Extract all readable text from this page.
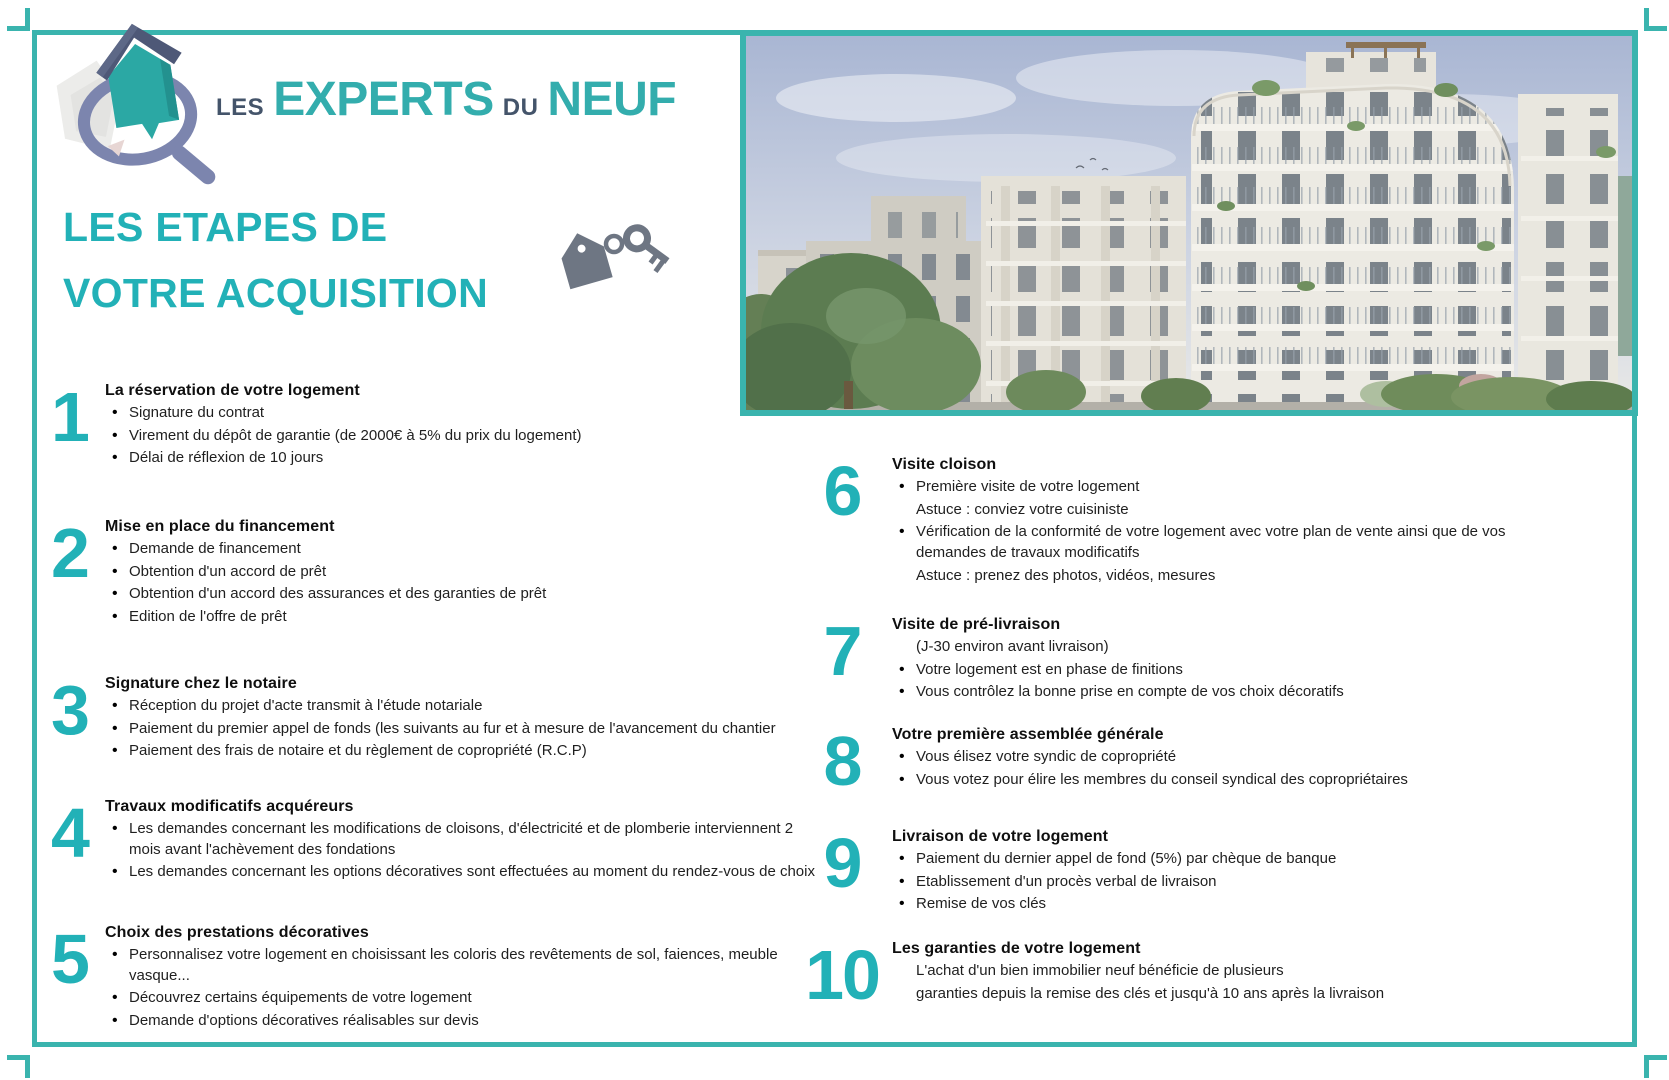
LES EXPERTS DU NEUF
LES ETAPES DE
VOTRE ACQUISITION
1	La réservation de votre logement
• Signature du contrat
• Virement du dépôt de garantie (de 2000€ à 5% du prix du logement)
• Délai de réflexion de 10 jours
2	Mise en place du financement
• Demande de financement
• Obtention d'un accord de prêt
• Obtention d'un accord des assurances et des garanties de prêt
• Edition de l'offre de prêt
3	Signature chez le notaire
• Réception du projet d'acte transmit à l'étude notariale
• Paiement du premier appel de fonds (les suivants au fur et à mesure de l'avancement du chantier
• Paiement des frais de notaire et du règlement de copropriété (R.C.P)
4	Travaux modificatifs acquéreurs
• Les demandes concernant les modifications de cloisons, d'électricité et de plomberie interviennent 2 mois avant l'achèvement des fondations
• Les demandes concernant les options décoratives sont effectuées au moment du rendez-vous de choix
5	Choix des prestations décoratives
• Personnalisez votre logement en choisissant les coloris des revêtements de sol, faiences, meuble vasque...
• Découvrez certains équipements de votre logement
• Demande d'options décoratives réalisables sur devis
6	Visite cloison
• Première visite de votre logement
Astuce : conviez votre cuisiniste
• Vérification de la conformité de votre logement avec votre plan de vente ainsi que de vos demandes de travaux modificatifs
Astuce : prenez des photos, vidéos, mesures
7	Visite de pré-livraison
(J-30 environ avant livraison)
• Votre logement est en phase de finitions
• Vous contrôlez la bonne prise en compte de vos choix décoratifs
8	Votre première assemblée générale
• Vous élisez votre syndic de copropriété
• Vous votez pour élire les membres du conseil syndical des copropriétaires
9	Livraison de votre logement
• Paiement du dernier appel de fond (5%) par chèque de banque
• Etablissement d'un procès verbal de livraison
• Remise de vos clés
10 Les garanties de votre logement
L'achat d'un bien immobilier neuf bénéficie de plusieurs
garanties depuis la remise des clés et jusqu'à 10 ans après la livraison
